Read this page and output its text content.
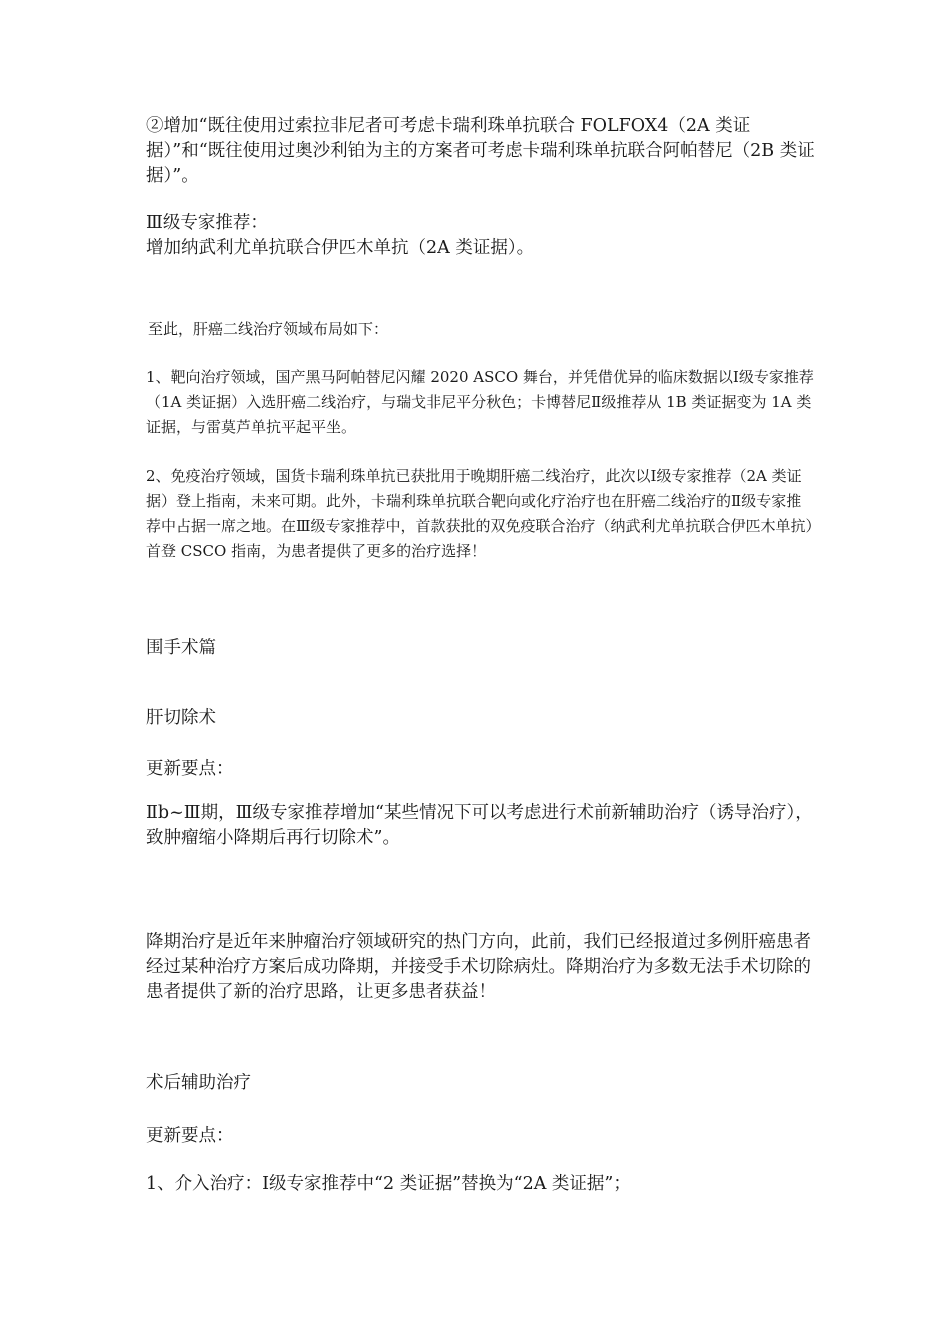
②增加“既往使用过索拉非尼者可考虑卡瑞利珠单抗联合 FOLFOX4（2A 类证据）”和“既往使用过奥沙利铂为主的方案者可考虑卡瑞利珠单抗联合阿帕替尼（2B 类证据）”。

Ⅲ级专家推荐：
增加纳武利尤单抗联合伊匹木单抗（2A 类证据）。

至此，肝癌二线治疗领域布局如下：

1、靶向治疗领域，国产黑马阿帕替尼闪耀 2020 ASCO 舞台，并凭借优异的临床数据以Ⅰ级专家推荐（1A 类证据）入选肝癌二线治疗，与瑞戈非尼平分秋色；卡博替尼Ⅱ级推荐从 1B 类证据变为 1A 类证据，与雷莫芦单抗平起平坐。

2、免疫治疗领域，国货卡瑞利珠单抗已获批用于晚期肝癌二线治疗，此次以Ⅰ级专家推荐（2A 类证据）登上指南，未来可期。此外，卡瑞利珠单抗联合靶向或化疗治疗也在肝癌二线治疗的Ⅱ级专家推荐中占据一席之地。在Ⅲ级专家推荐中，首款获批的双免疫联合治疗（纳武利尤单抗联合伊匹木单抗）首登 CSCO 指南，为患者提供了更多的治疗选择！

围手术篇

肝切除术

更新要点：

Ⅱb~Ⅲ期，Ⅲ级专家推荐增加“某些情况下可以考虑进行术前新辅助治疗（诱导治疗），致肿瘤缩小降期后再行切除术”。

降期治疗是近年来肿瘤治疗领域研究的热门方向，此前，我们已经报道过多例肝癌患者经过某种治疗方案后成功降期，并接受手术切除病灶。降期治疗为多数无法手术切除的患者提供了新的治疗思路，让更多患者获益！

术后辅助治疗

更新要点：

1、介入治疗：Ⅰ级专家推荐中“2 类证据”替换为“2A 类证据”；
